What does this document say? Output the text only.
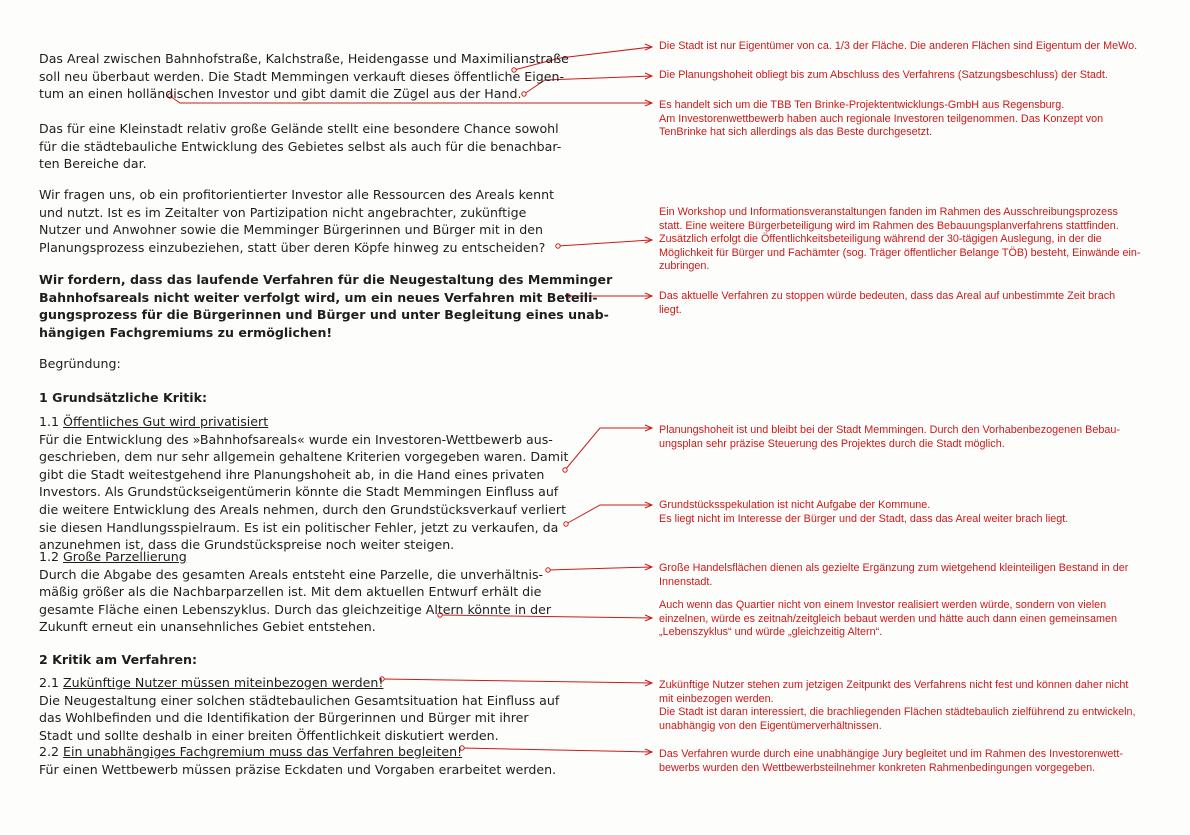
Das Areal zwischen Bahnhofstraße, Kalchstraße, Heidengasse und Maximilianstraße
soll neu überbaut werden. Die Stadt Memmingen verkauft dieses öffentliche Eigen-
tum an einen holländischen Investor und gibt damit die Zügel aus der Hand.
Das für eine Kleinstadt relativ große Gelände stellt eine besondere Chance sowohl
für die städtebauliche Entwicklung des Gebietes selbst als auch für die benachbar-
ten Bereiche dar.
Wir fragen uns, ob ein profitorientierter Investor alle Ressourcen des Areals kennt
und nutzt. Ist es im Zeitalter von Partizipation nicht angebrachter, zukünftige
Nutzer und Anwohner sowie die Memminger Bürgerinnen und Bürger mit in den
Planungsprozess einzubeziehen, statt über deren Köpfe hinweg zu entscheiden?
Wir fordern, dass das laufende Verfahren für die Neugestaltung des Memminger
Bahnhofsareals nicht weiter verfolgt wird, um ein neues Verfahren mit Beteili-
gungsprozess für die Bürgerinnen und Bürger und unter Begleitung eines unab-
hängigen Fachgremiums zu ermöglichen!
Begründung:
1 Grundsätzliche Kritik:
1.1 Öffentliches Gut wird privatisiert
Für die Entwicklung des »Bahnhofsareals« wurde ein Investoren-Wettbewerb aus-
geschrieben, dem nur sehr allgemein gehaltene Kriterien vorgegeben waren. Damit
gibt die Stadt weitestgehend ihre Planungshoheit ab, in die Hand eines privaten
Investors. Als Grundstückseigentümerin könnte die Stadt Memmingen Einfluss auf
die weitere Entwicklung des Areals nehmen, durch den Grundstücksverkauf verliert
sie diesen Handlungsspielraum. Es ist ein politischer Fehler, jetzt zu verkaufen, da
anzunehmen ist, dass die Grundstückspreise noch weiter steigen.
1.2 Große Parzellierung
Durch die Abgabe des gesamten Areals entsteht eine Parzelle, die unverhältnis-
mäßig größer als die Nachbarparzellen ist. Mit dem aktuellen Entwurf erhält die
gesamte Fläche einen Lebenszyklus. Durch das gleichzeitige Altern könnte in der
Zukunft erneut ein unansehnliches Gebiet entstehen.
2 Kritik am Verfahren:
2.1 Zukünftige Nutzer müssen miteinbezogen werden!
Die Neugestaltung einer solchen städtebaulichen Gesamtsituation hat Einfluss auf
das Wohlbefinden und die Identifikation der Bürgerinnen und Bürger mit ihrer
Stadt und sollte deshalb in einer breiten Öffentlichkeit diskutiert werden.
2.2 Ein unabhängiges Fachgremium muss das Verfahren begleiten!
Für einen Wettbewerb müssen präzise Eckdaten und Vorgaben erarbeitet werden.
Die Stadt ist nur Eigentümer von ca. 1/3 der Fläche. Die anderen Flächen sind Eigentum der MeWo.
Die Planungshoheit obliegt bis zum Abschluss des Verfahrens (Satzungsbeschluss) der Stadt.
Es handelt sich um die TBB Ten Brinke-Projektentwicklungs-GmbH aus Regensburg.
Am Investorenwettbewerb haben auch regionale Investoren teilgenommen. Das Konzept von
TenBrinke hat sich allerdings als das Beste durchgesetzt.
Ein Workshop und Informationsveranstaltungen fanden im Rahmen des Ausschreibungsprozess
statt. Eine weitere Bürgerbeteiligung wird im Rahmen des Bebauungsplanverfahrens stattfinden.
Zusätzlich erfolgt die Öffentlichkeitsbeteiligung während der 30-tägigen Auslegung, in der die
Möglichkeit für Bürger und Fachämter (sog. Träger öffentlicher Belange TÖB) besteht, Einwände ein-
zubringen.
Das aktuelle Verfahren zu stoppen würde bedeuten, dass das Areal auf unbestimmte Zeit brach
liegt.
Planungshoheit ist und bleibt bei der Stadt Memmingen. Durch den Vorhabenbezogenen Bebau-
ungsplan sehr präzise Steuerung des Projektes durch die Stadt möglich.
Grundstücksspekulation ist nicht Aufgabe der Kommune.
Es liegt nicht im Interesse der Bürger und der Stadt, dass das Areal weiter brach liegt.
Große Handelsflächen dienen als gezielte Ergänzung zum wietgehend kleinteiligen Bestand in der
Innenstadt.
Auch wenn das Quartier nicht von einem Investor realisiert werden würde, sondern von vielen
einzelnen, würde es zeitnah/zeitgleich bebaut werden und hätte auch dann einen gemeinsamen
„Lebenszyklus“ und würde „gleichzeitig Altern“.
Zukünftige Nutzer stehen zum jetzigen Zeitpunkt des Verfahrens nicht fest und können daher nicht
mit einbezogen werden.
Die Stadt ist daran interessiert, die brachliegenden Flächen städtebaulich zielführend zu entwickeln,
unabhängig von den Eigentümerverhältnissen.
Das Verfahren wurde durch eine unabhängige Jury begleitet und im Rahmen des Investorenwett-
bewerbs wurden den Wettbewerbsteilnehmer konkreten Rahmenbedingungen vorgegeben.
